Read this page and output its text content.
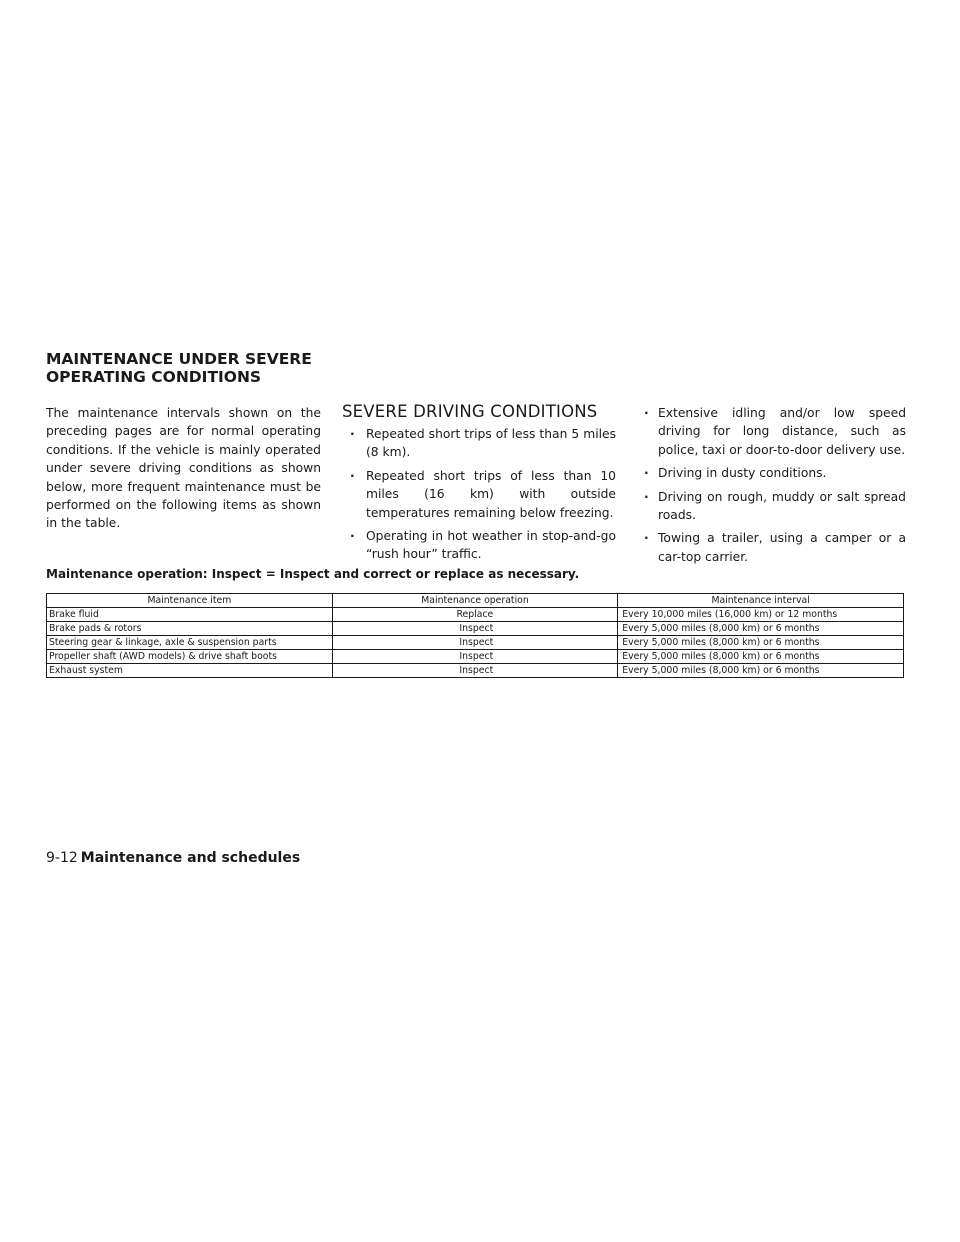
MAINTENANCE UNDER SEVERE
OPERATING CONDITIONS

The maintenance intervals shown on the preceding pages are for normal operating conditions. If the vehicle is mainly operated under severe driving conditions as shown below, more frequent maintenance must be performed on the following items as shown in the table.

SEVERE DRIVING CONDITIONS
· Repeated short trips of less than 5 miles (8 km).
· Repeated short trips of less than 10 miles (16 km) with outside temperatures remaining below freezing.
· Operating in hot weather in stop-and-go “rush hour” traffic.
· Extensive idling and/or low speed driving for long distance, such as police, taxi or door-to-door delivery use.
· Driving in dusty conditions.
· Driving on rough, muddy or salt spread roads.
· Towing a trailer, using a camper or a car-top carrier.

Maintenance operation: Inspect = Inspect and correct or replace as necessary.

Maintenance item	Maintenance operation	Maintenance interval
Brake fluid	Replace	Every 10,000 miles (16,000 km) or 12 months
Brake pads & rotors	Inspect	Every 5,000 miles (8,000 km) or 6 months
Steering gear & linkage, axle & suspension parts	Inspect	Every 5,000 miles (8,000 km) or 6 months
Propeller shaft (AWD models) & drive shaft boots	Inspect	Every 5,000 miles (8,000 km) or 6 months
Exhaust system	Inspect	Every 5,000 miles (8,000 km) or 6 months

9-12 Maintenance and schedules
